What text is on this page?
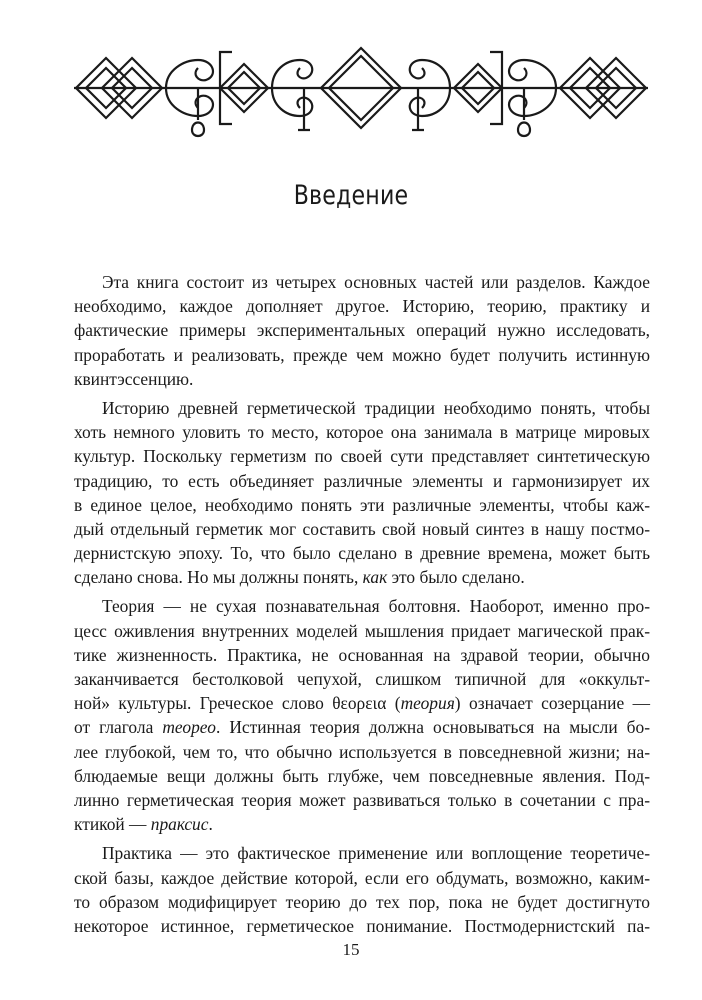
Введение
Эта книга состоит из четырех основных частей или разделов. Каждое
необходимо, каждое дополняет другое. Историю, теорию, практику и
фактические примеры экспериментальных операций нужно исследовать,
проработать и реализовать, прежде чем можно будет получить истинную
квинтэссенцию.
Историю древней герметической традиции необходимо понять, чтобы
хоть немного уловить то место, которое она занимала в матрице мировых
культур. Поскольку герметизм по своей сути представляет синтетическую
традицию, то есть объединяет различные элементы и гармонизирует их
в единое целое, необходимо понять эти различные элементы, чтобы каж-
дый отдельный герметик мог составить свой новый синтез в нашу постмо-
дернистскую эпоху. То, что было сделано в древние времена, может быть
сделано снова. Но мы должны понять, как это было сделано.
Теория — не сухая познавательная болтовня. Наоборот, именно про-
цесс оживления внутренних моделей мышления придает магической прак-
тике жизненность. Практика, не основанная на здравой теории, обычно
заканчивается бестолковой чепухой, слишком типичной для «оккульт-
ной» культуры. Греческое слово θεορεια (теория) означает созерцание —
от глагола теорео. Истинная теория должна основываться на мысли бо-
лее глубокой, чем то, что обычно используется в повседневной жизни; на-
блюдаемые вещи должны быть глубже, чем повседневные явления. Под-
линно герметическая теория может развиваться только в сочетании с пра-
ктикой — праксис.
Практика — это фактическое применение или воплощение теоретиче-
ской базы, каждое действие которой, если его обдумать, возможно, каким-
то образом модифицирует теорию до тех пор, пока не будет достигнуто
некоторое истинное, герметическое понимание. Постмодернистский па-
15
